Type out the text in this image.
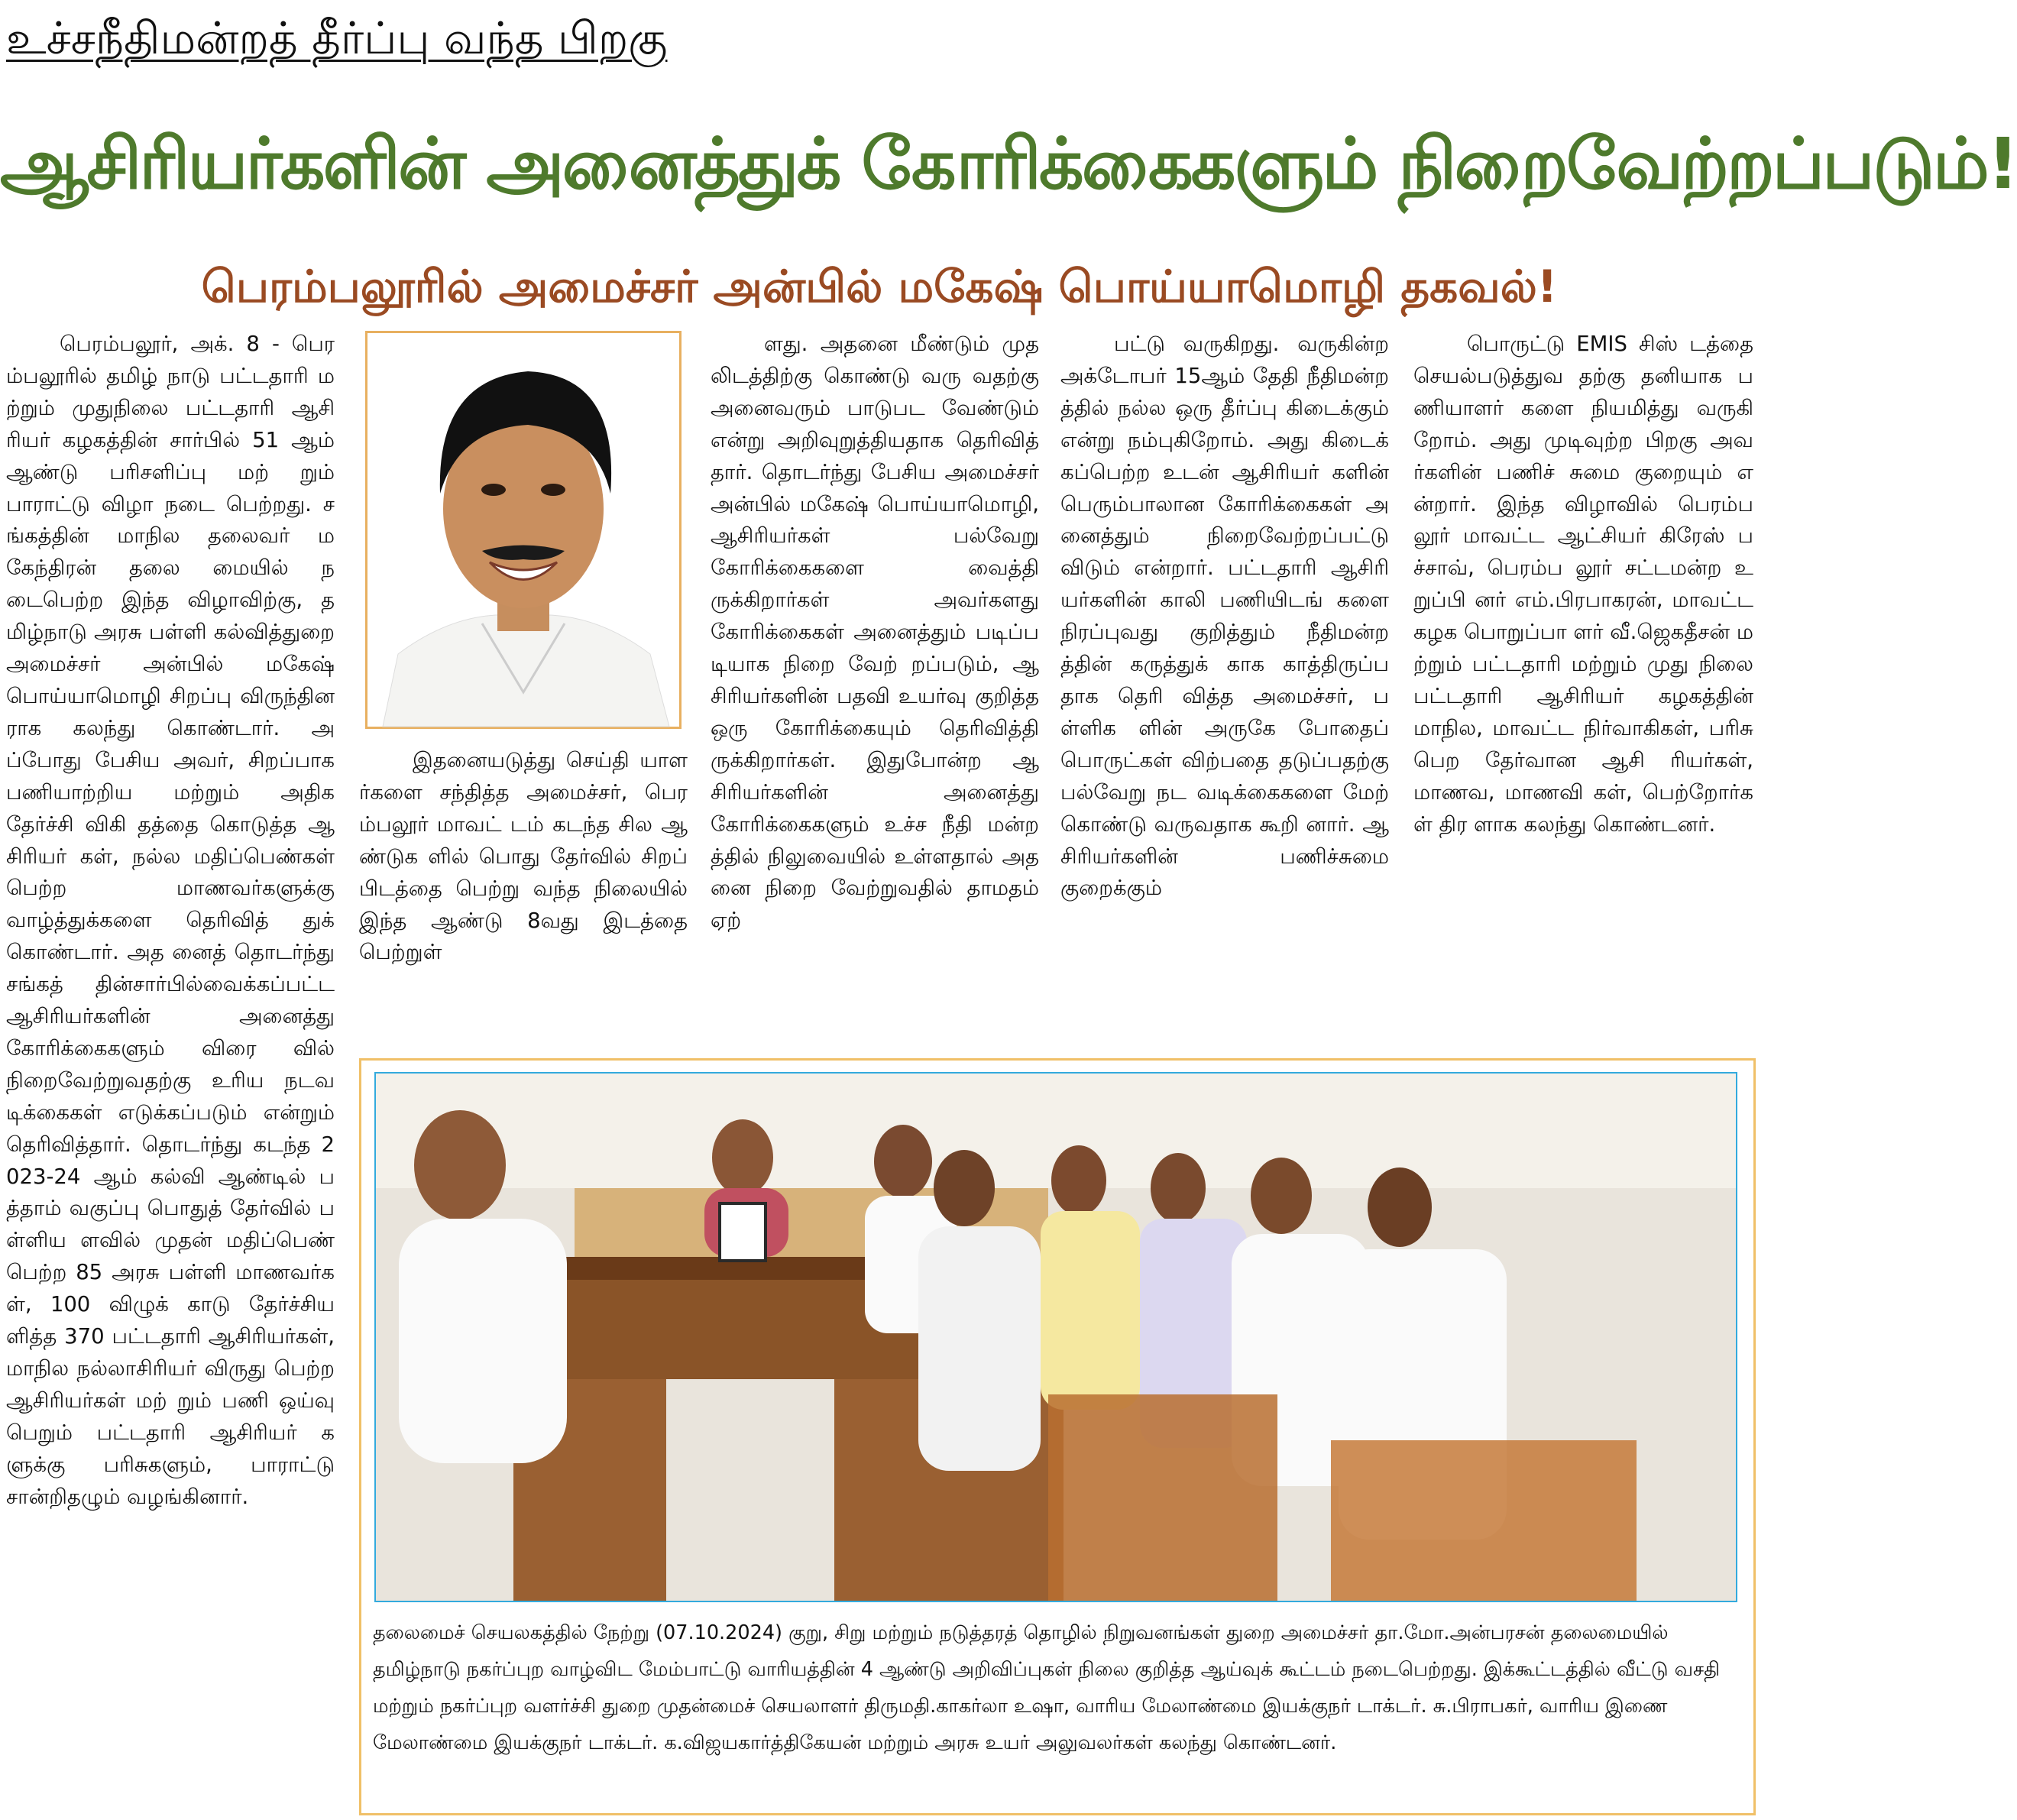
உச்சநீதிமன்றத் தீர்ப்பு வந்த பிறகு
ஆசிரியர்களின் அனைத்துக் கோரிக்கைகளும் நிறைவேற்றப்படும்!
பெரம்பலூரில் அமைச்சர் அன்பில் மகேஷ் பொய்யாமொழி தகவல்!
பெரம்பலூர், அக். 8 - பெரம்பலூரில் தமிழ் நாடு பட்டதாரி மற்றும் முதுநிலை பட்டதாரி ஆசி ரியர் கழகத்தின் சார்பில் 51 ஆம் ஆண்டு பரிசளிப்பு மற் றும் பாராட்டு விழா நடை பெற்றது. சங்கத்தின் மாநில தலைவர் மகேந்திரன் தலை மையில் நடைபெற்ற இந்த விழாவிற்கு, தமிழ்நாடு அரசு பள்ளி கல்வித்துறை அமைச்சர் அன்பில் மகேஷ் பொய்யாமொழி சிறப்பு விருந்தினராக கலந்து கொண்டார். அப்போது பேசிய அவர், சிறப்பாக பணியாற்றிய மற்றும் அதிக தேர்ச்சி விகி தத்தை கொடுத்த ஆசிரியர் கள், நல்ல மதிப்பெண்கள் பெற்ற மாணவர்களுக்கு வாழ்த்துக்களை தெரிவித் துக் கொண்டார். அத னைத் தொடர்ந்து சங்கத் தின்சார்பில்வைக்கப்பட்ட ஆசிரியர்களின் அனைத்து கோரிக்கைகளும் விரை வில் நிறைவேற்றுவதற்கு உரிய நடவடிக்கைகள் எடுக்கப்படும் என்றும் தெரிவித்தார். தொடர்ந்து கடந்த 2023-24 ஆம் கல்வி ஆண்டில் பத்தாம் வகுப்பு பொதுத் தேர்வில் பள்ளிய ளவில் முதன் மதிப்பெண் பெற்ற 85 அரசு பள்ளி மாணவர்கள், 100 விழுக் காடு தேர்ச்சியளித்த 370 பட்டதாரி ஆசிரியர்கள், மாநில நல்லாசிரியர் விருது பெற்ற ஆசிரியர்கள் மற் றும் பணி ஒய்வு பெறும் பட்டதாரி ஆசிரியர் களுக்கு பரிசுகளும், பாராட்டு சான்றிதழும் வழங்கினார்.
இதனையடுத்து செய்தி யாளர்களை சந்தித்த அமைச்சர், பெரம்பலூர் மாவட் டம் கடந்த சில ஆண்டுக ளில் பொது தேர்வில் சிறப் பிடத்தை பெற்று வந்த நிலையில் இந்த ஆண்டு 8வது இடத்தை பெற்றுள்
ளது. அதனை மீண்டும் முத லிடத்திற்கு கொண்டு வரு வதற்கு அனைவரும் பாடுபட வேண்டும் என்று அறிவுறுத்தியதாக தெரிவித் தார். தொடர்ந்து பேசிய அமைச்சர் அன்பில் மகேஷ் பொய்யாமொழி, ஆசிரியர்கள் பல்வேறு கோரிக்கைகளை வைத்தி ருக்கிறார்கள் அவர்களது கோரிக்கைகள் அனைத்தும் படிப்படியாக நிறை வேற் றப்படும், ஆசிரியர்களின் பதவி உயர்வு குறித்த ஒரு கோரிக்கையும் தெரிவித்தி ருக்கிறார்கள். இதுபோன்ற ஆசிரியர்களின் அனைத்து கோரிக்கைகளும் உச்ச நீதி மன்றத்தில் நிலுவையில் உள்ளதால் அதனை நிறை வேற்றுவதில் தாமதம் ஏற்
பட்டு வருகிறது. வருகின்ற அக்டோபர் 15ஆம் தேதி நீதிமன்றத்தில் நல்ல ஒரு தீர்ப்பு கிடைக்கும் என்று நம்புகிறோம். அது கிடைக் கப்பெற்ற உடன் ஆசிரியர் களின் பெரும்பாலான கோரிக்கைகள் அனைத்தும் நிறைவேற்றப்பட்டு விடும் என்றார். பட்டதாரி ஆசிரி யர்களின் காலி பணியிடங் களை நிரப்புவது குறித்தும் நீதிமன்றத்தின் கருத்துக் காக காத்திருப்பதாக தெரி வித்த அமைச்சர், பள்ளிக ளின் அருகே போதைப் பொருட்கள் விற்பதை தடுப்பதற்கு பல்வேறு நட வடிக்கைகளை மேற் கொண்டு வருவதாக கூறி னார். ஆசிரியர்களின் பணிச்சுமை குறைக்கும்
பொருட்டு EMIS சிஸ் டத்தை செயல்படுத்துவ தற்கு தனியாக பணியாளர் களை நியமித்து வருகி றோம். அது முடிவுற்ற பிறகு அவர்களின் பணிச் சுமை குறையும் என்றார். இந்த விழாவில் பெரம்ப லூர் மாவட்ட ஆட்சியர் கிரேஸ் பச்சாவ், பெரம்ப லூர் சட்டமன்ற உறுப்பி னர் எம்.பிரபாகரன், மாவட்ட கழக பொறுப்பா ளர் வீ.ஜெகதீசன் மற்றும் பட்டதாரி மற்றும் முது நிலை பட்டதாரி ஆசிரியர் கழகத்தின் மாநில, மாவட்ட நிர்வாகிகள், பரிசு பெற தேர்வான ஆசி ரியர்கள், மாணவ, மாணவி கள், பெற்றோர்கள் திர ளாக கலந்து கொண்டனர்.
தலைமைச் செயலகத்தில் நேற்று (07.10.2024) குறு, சிறு மற்றும் நடுத்தரத் தொழில் நிறுவனங்கள் துறை அமைச்சர் தா.மோ.அன்பரசன் தலைமையில் தமிழ்நாடு நகர்ப்புற வாழ்விட மேம்பாட்டு வாரியத்தின் 4 ஆண்டு அறிவிப்புகள் நிலை குறித்த ஆய்வுக் கூட்டம் நடைபெற்றது. இக்கூட்டத்தில் வீட்டு வசதி மற்றும் நகர்ப்புற வளர்ச்சி துறை முதன்மைச் செயலாளர் திருமதி.காகர்லா உஷா, வாரிய மேலாண்மை இயக்குநர் டாக்டர். சு.பிராபகர், வாரிய இணை மேலாண்மை இயக்குநர் டாக்டர். க.விஜயகார்த்திகேயன் மற்றும் அரசு உயர் அலுவலர்கள் கலந்து கொண்டனர்.
